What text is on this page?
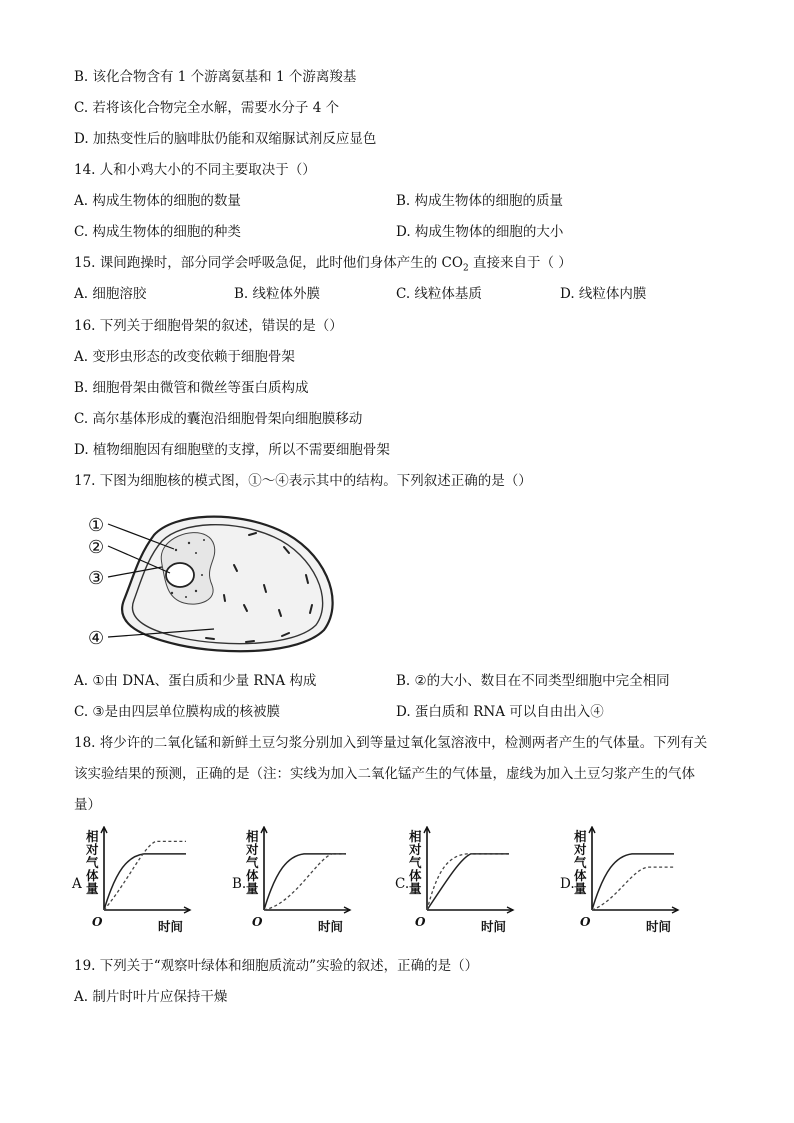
B. 该化合物含有 1 个游离氨基和 1 个游离羧基
C. 若将该化合物完全水解，需要水分子 4 个
D. 加热变性后的脑啡肽仍能和双缩脲试剂反应显色
14. 人和小鸡大小的不同主要取决于（）
A. 构成生物体的细胞的数量	B. 构成生物体的细胞的质量
C. 构成生物体的细胞的种类	D. 构成生物体的细胞的大小
15. 课间跑操时，部分同学会呼吸急促，此时他们身体产生的 $CO_2$ 直接来自于（ ）
A. 细胞溶胶	B. 线粒体外膜	C. 线粒体基质	D. 线粒体内膜
16. 下列关于细胞骨架的叙述，错误的是（）
A. 变形虫形态的改变依赖于细胞骨架
B. 细胞骨架由微管和微丝等蛋白质构成
C. 高尔基体形成的囊泡沿细胞骨架向细胞膜移动
D. 植物细胞因有细胞壁的支撑，所以不需要细胞骨架
17. 下图为细胞核的模式图，①～④表示其中的结构。下列叙述正确的是（）
①
②
③
④
A. ①由 DNA、蛋白质和少量 RNA 构成	B. ②的大小、数目在不同类型细胞中完全相同
C. ③是由四层单位膜构成的核被膜	D. 蛋白质和 RNA 可以自由出入④
18. 将少许的二氧化锰和新鲜土豆匀浆分别加入到等量过氧化氢溶液中，检测两者产生的气体量。下列有关
该实验结果的预测，正确的是（注：实线为加入二氧化锰产生的气体量，虚线为加入土豆匀浆产生的气体
量）
A
相对气体量
O	时间
B.
相对气体量
O	时间
C.
相对气体量
O	时间
D.
相对气体量
O	时间
19. 下列关于“观察叶绿体和细胞质流动”实验的叙述，正确的是（）
A. 制片时叶片应保持干燥
